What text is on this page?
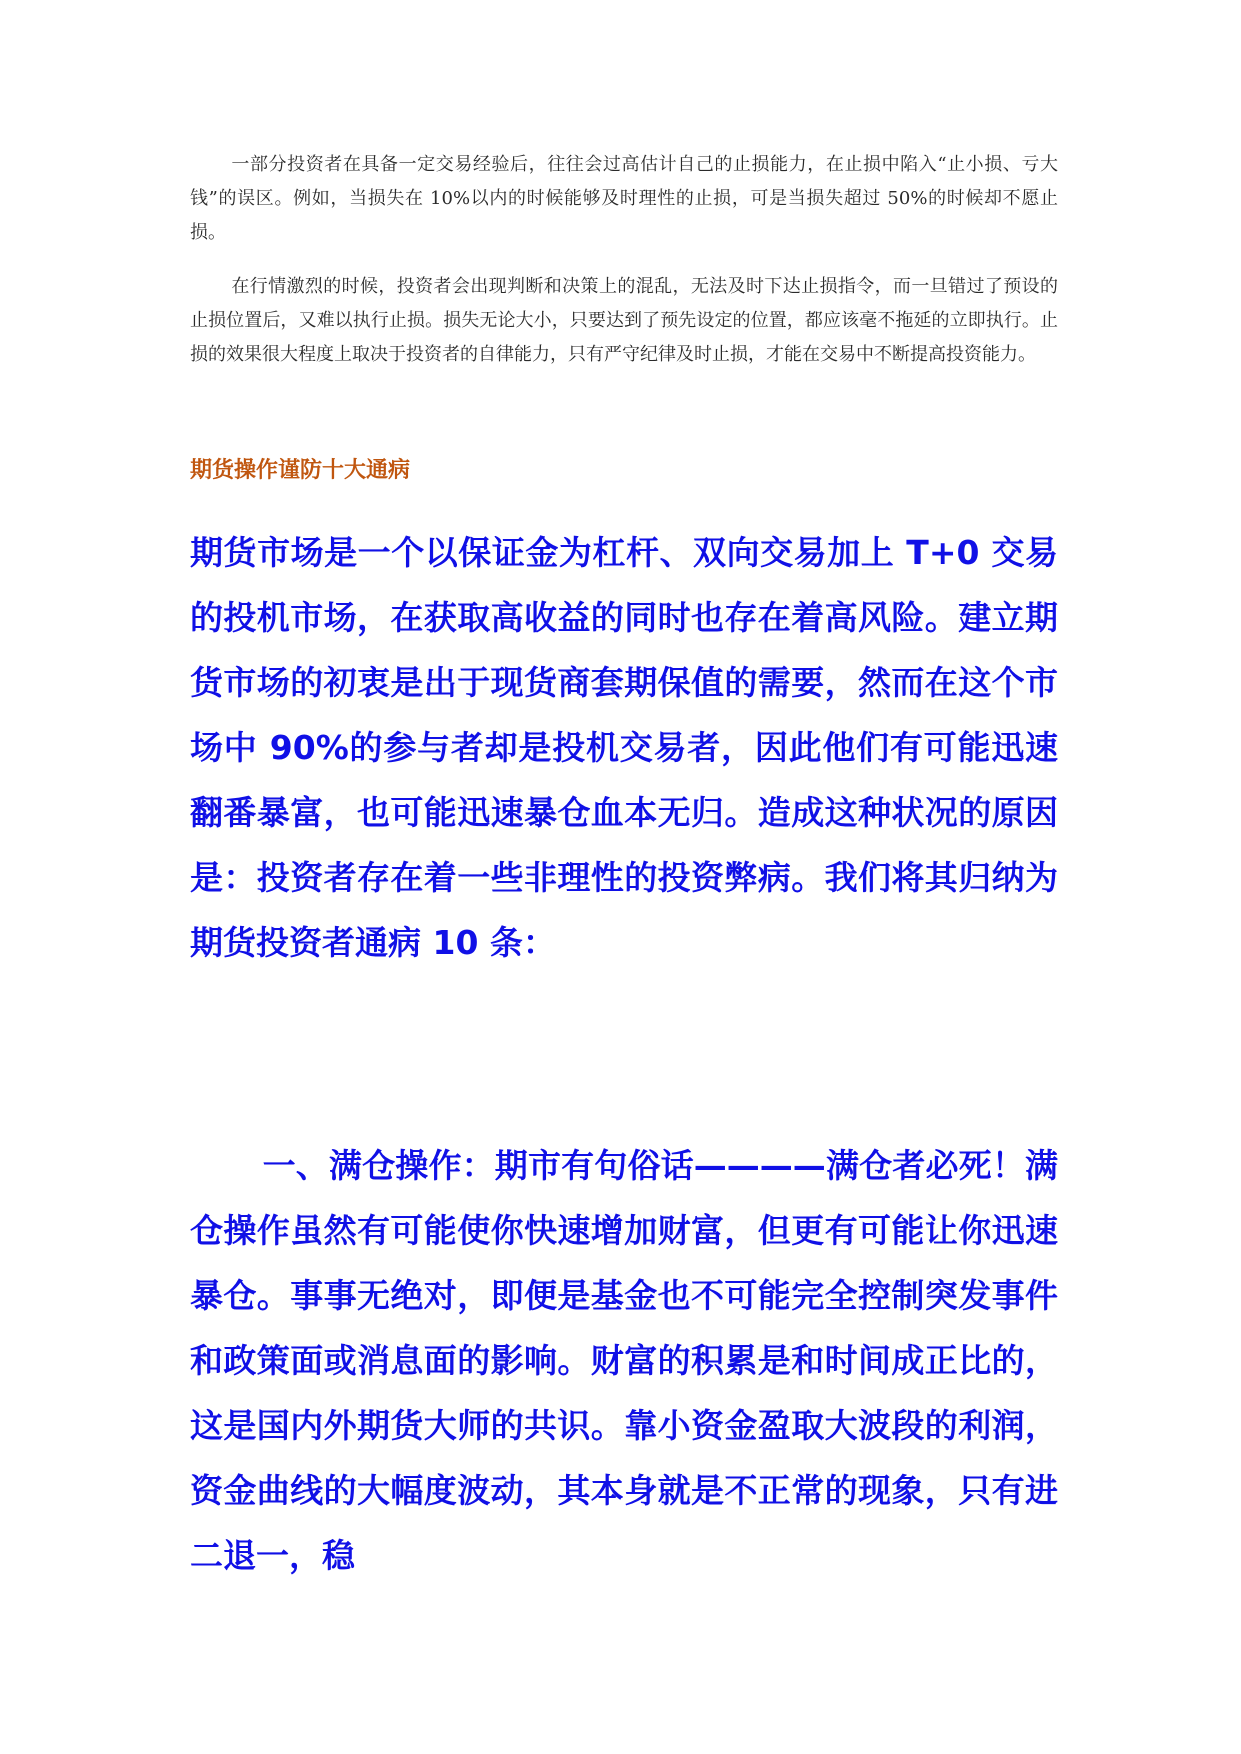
一部分投资者在具备一定交易经验后，往往会过高估计自己的止损能力，在止损中陷入“止小损、亏大钱”的误区。例如，当损失在 10%以内的时候能够及时理性的止损，可是当损失超过 50%的时候却不愿止损。

在行情激烈的时候，投资者会出现判断和决策上的混乱，无法及时下达止损指令，而一旦错过了预设的止损位置后，又难以执行止损。损失无论大小，只要达到了预先设定的位置，都应该毫不拖延的立即执行。止损的效果很大程度上取决于投资者的自律能力，只有严守纪律及时止损，才能在交易中不断提高投资能力。

期货操作谨防十大通病

期货市场是一个以保证金为杠杆、双向交易加上 T+0 交易的投机市场，在获取高收益的同时也存在着高风险。建立期货市场的初衷是出于现货商套期保值的需要，然而在这个市场中 90%的参与者却是投机交易者，因此他们有可能迅速翻番暴富，也可能迅速暴仓血本无归。造成这种状况的原因是：投资者存在着一些非理性的投资弊病。我们将其归纳为期货投资者通病 10 条：

一、满仓操作：期市有句俗话————满仓者必死！满仓操作虽然有可能使你快速增加财富，但更有可能让你迅速暴仓。事事无绝对，即便是基金也不可能完全控制突发事件和政策面或消息面的影响。财富的积累是和时间成正比的，这是国内外期货大师的共识。靠小资金盈取大波段的利润，资金曲线的大幅度波动，其本身就是不正常的现象，只有进二退一，稳
